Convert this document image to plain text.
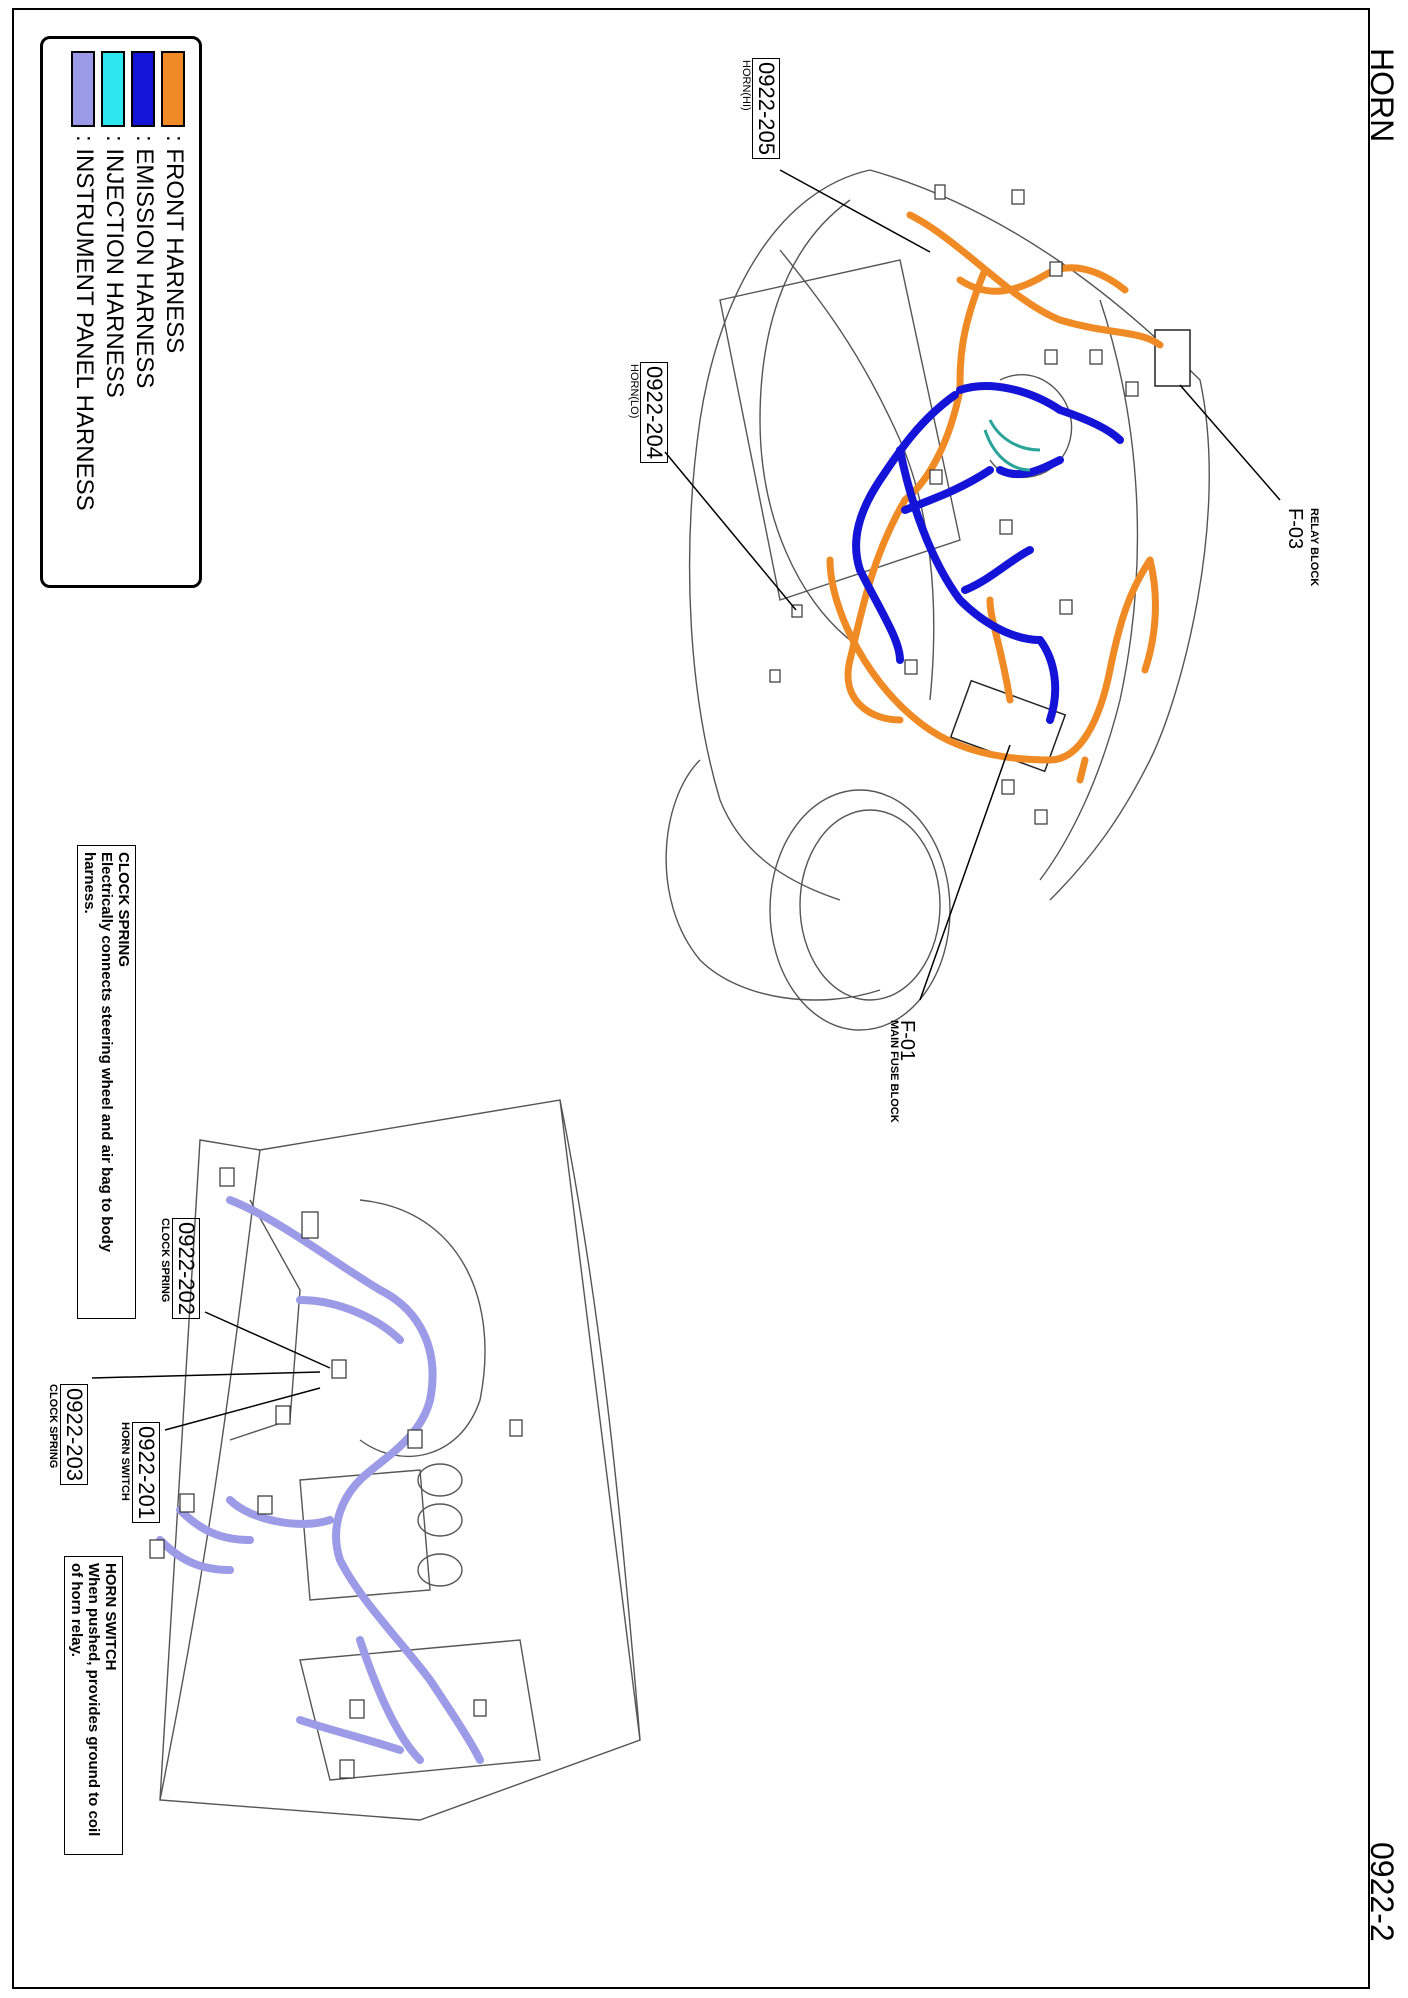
HORN
0922-2
: FRONT HARNESS
: EMISSION HARNESS
: INJECTION HARNESS
: INSTRUMENT PANEL HARNESS
0922-205
HORN(HI)
0922-204
HORN(LO)
RELAY BLOCK
F-03
F-01
MAIN FUSE BLOCK
0922-202
CLOCK SPRING
0922-201
HORN SWITCH
0922-203
CLOCK SPRING
CLOCK SPRING
Electrically connects steering wheel and air bag to body harness.
HORN SWITCH
When pushed, provides ground to coil of horn relay.
